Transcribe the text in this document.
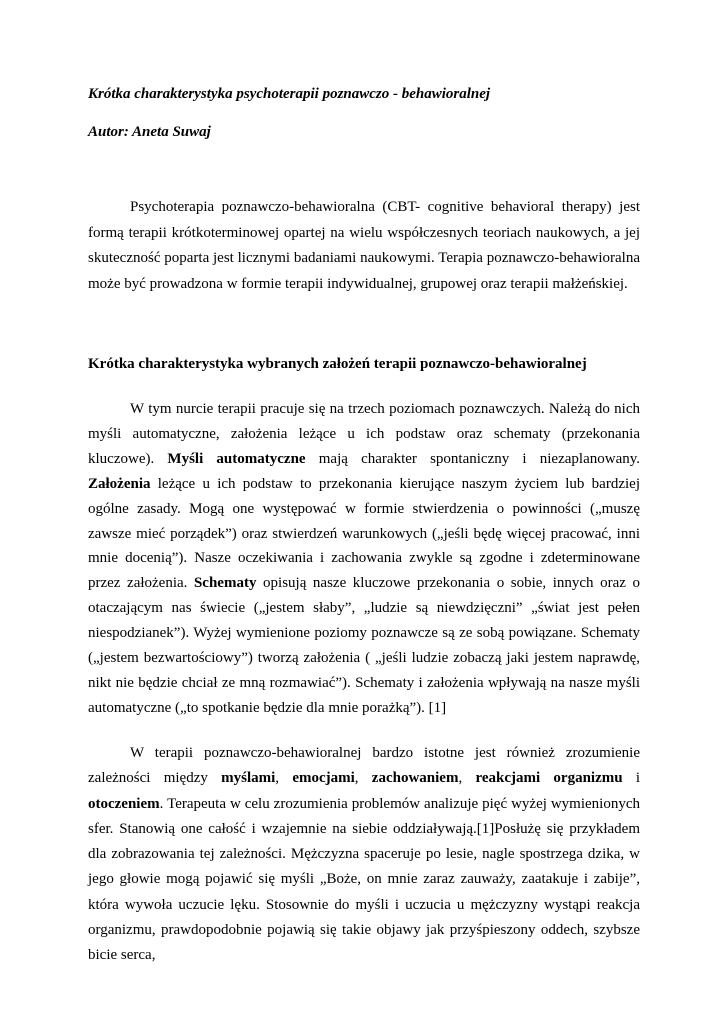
Krótka charakterystyka psychoterapii poznawczo - behawioralnej

Autor: Aneta Suwaj

Psychoterapia poznawczo-behawioralna (CBT- cognitive behavioral therapy) jest formą terapii krótkoterminowej opartej na wielu współczesnych teoriach naukowych, a jej skuteczność poparta jest licznymi badaniami naukowymi. Terapia poznawczo-behawioralna może być prowadzona w formie terapii indywidualnej, grupowej oraz terapii małżeńskiej.

Krótka charakterystyka wybranych założeń terapii poznawczo-behawioralnej

W tym nurcie terapii pracuje się na trzech poziomach poznawczych. Należą do nich myśli automatyczne, założenia leżące u ich podstaw oraz schematy (przekonania kluczowe). Myśli automatyczne mają charakter spontaniczny i niezaplanowany. Założenia leżące u ich podstaw to przekonania kierujące naszym życiem lub bardziej ogólne zasady. Mogą one występować w formie stwierdzenia o powinności („muszę zawsze mieć porządek”) oraz stwierdzeń warunkowych („jeśli będę więcej pracować, inni mnie docenią”). Nasze oczekiwania i zachowania zwykle są zgodne i zdeterminowane przez założenia. Schematy opisują nasze kluczowe przekonania o sobie, innych oraz o otaczającym nas świecie („jestem słaby”, „ludzie są niewdzięczni” „świat jest pełen niespodzianek”). Wyżej wymienione poziomy poznawcze są ze sobą powiązane. Schematy („jestem bezwartościowy”) tworzą założenia ( „jeśli ludzie zobaczą jaki jestem naprawdę, nikt nie będzie chciał ze mną rozmawiać”). Schematy i założenia wpływają na nasze myśli automatyczne („to spotkanie będzie dla mnie porażką”). [1]

W terapii poznawczo-behawioralnej bardzo istotne jest również zrozumienie zależności między myślami, emocjami, zachowaniem, reakcjami organizmu i otoczeniem. Terapeuta w celu zrozumienia problemów analizuje pięć wyżej wymienionych sfer. Stanowią one całość i wzajemnie na siebie oddziaływają.[1]Posłużę się przykładem dla zobrazowania tej zależności. Mężczyzna spaceruje po lesie, nagle spostrzega dzika, w jego głowie mogą pojawić się myśli „Boże, on mnie zaraz zauważy, zaatakuje i zabije”, która wywoła uczucie lęku. Stosownie do myśli i uczucia u mężczyzny wystąpi reakcja organizmu, prawdopodobnie pojawią się takie objawy jak przyśpieszony oddech, szybsze bicie serca,
